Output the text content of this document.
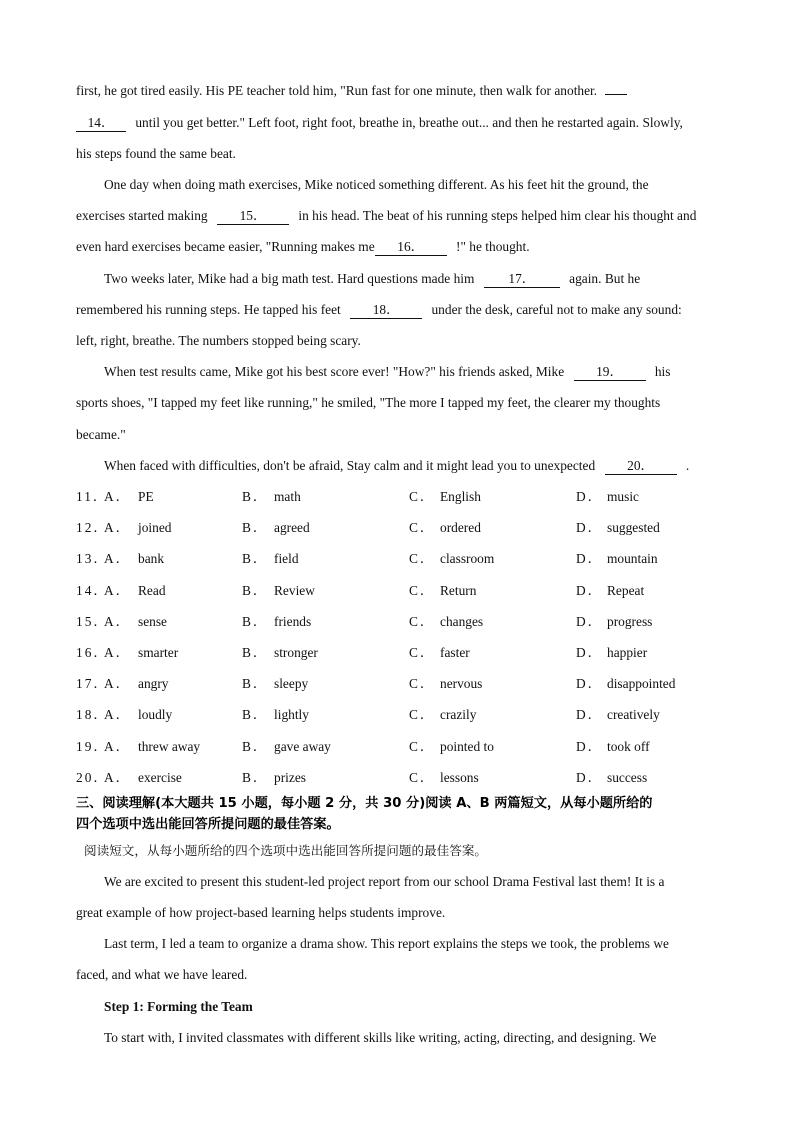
first, he got tired easily. His PE teacher told him, "Run fast for one minute, then walk for another.
14． until you get better." Left foot, right foot, breathe in, breathe out... and then he restarted again. Slowly,
his steps found the same beat.
One day when doing math exercises, Mike noticed something different. As his feet hit the ground, the
exercises started making 15． in his head. The beat of his running steps helped him clear his thought and
even hard exercises became easier, "Running makes me 16． !" he thought.
Two weeks later, Mike had a big math test. Hard questions made him	17．	again. But he
remembered his running steps. He tapped his feet 18． under the desk, careful not to make any sound:
left, right, breathe. The numbers stopped being scary.
When test results came, Mike got his best score ever! "How?" his friends asked, Mike 19． his
sports shoes, "I tapped my feet like running," he smiled, "The more I tapped my feet, the clearer my thoughts
became."
When faced with difficulties, don't be afraid, Stay calm and it might lead you to unexpected 20． .
11．
A． PE	B． math	C． English	D． music
12．
A． joined	B． agreed	C． ordered	D． suggested
13．
A． bank	B． field	C． classroom	D． mountain
14．
A． Read	B． Review	C． Return	D． Repeat
15．
A． sense	B． friends	C． changes	D． progress
16．
A． smarter	B． stronger	C． faster	D． happier
17．
A． angry	B． sleepy	C． nervous	D． disappointed
18．
A． loudly	B． lightly	C． crazily	D． creatively
19．
A． threw away	B． gave away	C． pointed to	D． took off
20．
A． exercise	B． prizes	C． lessons	D． success
三、阅读理解(本大题共 15 小题，每小题 2 分，共 30 分)阅读 A、B 两篇短文，从每小题所给的
四个选项中选出能回答所提问题的最佳答案。
阅读短文，从每小题所给的四个选项中选出能回答所提问题的最佳答案。
We are excited to present this student-led project report from our school Drama Festival last them! It is a
great example of how project-based learning helps students improve.
Last term, I led a team to organize a drama show. This report explains the steps we took, the problems we
faced, and what we have leared.
Step 1: Forming the Team
To start with, I invited classmates with different skills like writing, acting, directing, and designing. We
